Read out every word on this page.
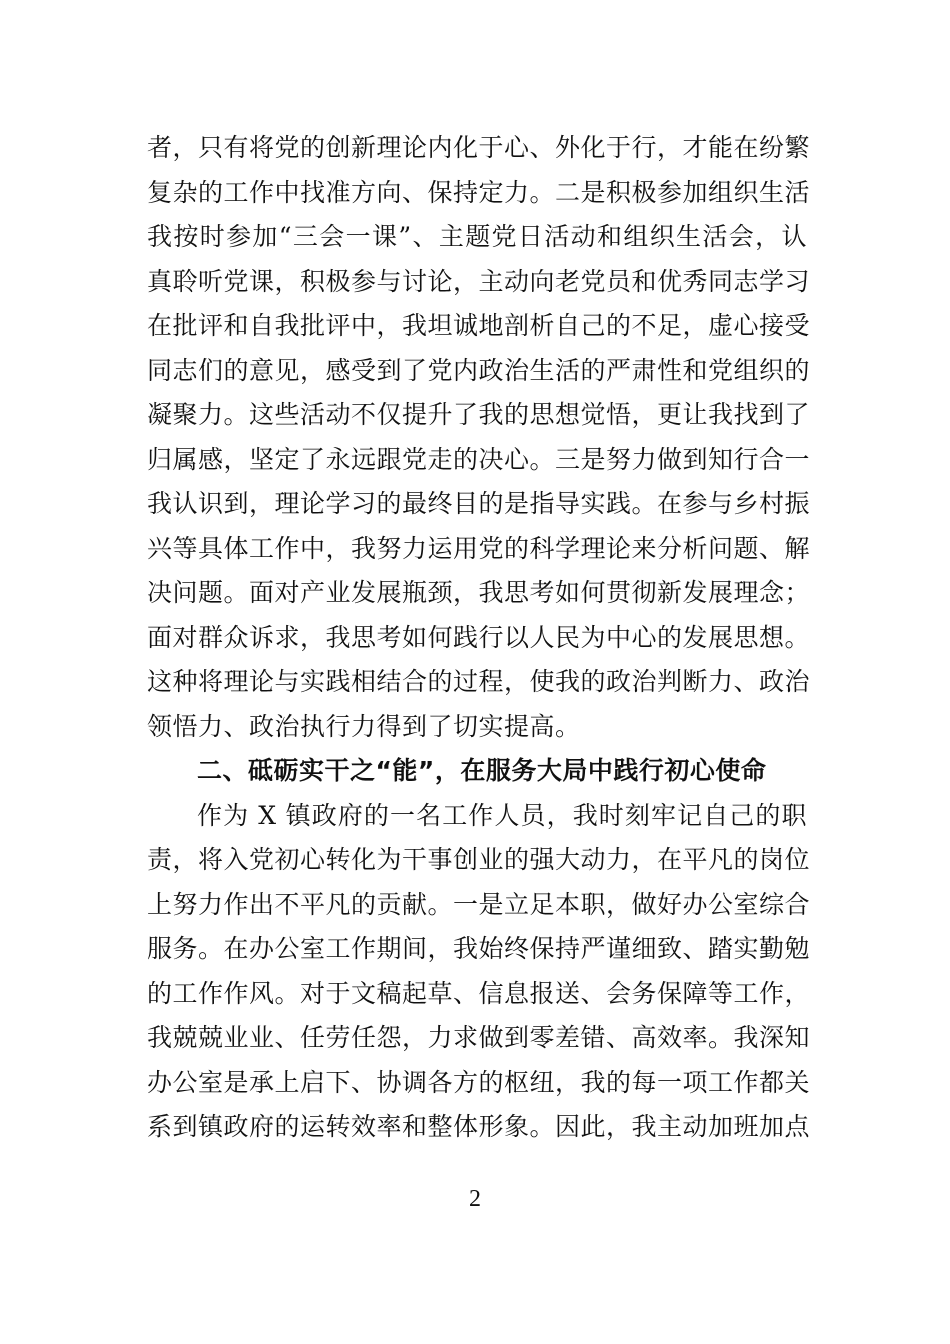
者，只有将党的创新理论内化于心、外化于行，才能在纷繁
复杂的工作中找准方向、保持定力。二是积极参加组织生活
我按时参加“三会一课”、主题党日活动和组织生活会，认
真聆听党课，积极参与讨论，主动向老党员和优秀同志学习
在批评和自我批评中，我坦诚地剖析自己的不足，虚心接受
同志们的意见，感受到了党内政治生活的严肃性和党组织的
凝聚力。这些活动不仅提升了我的思想觉悟，更让我找到了
归属感，坚定了永远跟党走的决心。三是努力做到知行合一
我认识到，理论学习的最终目的是指导实践。在参与乡村振
兴等具体工作中，我努力运用党的科学理论来分析问题、解
决问题。面对产业发展瓶颈，我思考如何贯彻新发展理念；
面对群众诉求，我思考如何践行以人民为中心的发展思想。
这种将理论与实践相结合的过程，使我的政治判断力、政治
领悟力、政治执行力得到了切实提高。
二、砥砺实干之“能”，在服务大局中践行初心使命
作为 X 镇政府的一名工作人员，我时刻牢记自己的职
责，将入党初心转化为干事创业的强大动力，在平凡的岗位
上努力作出不平凡的贡献。一是立足本职，做好办公室综合
服务。在办公室工作期间，我始终保持严谨细致、踏实勤勉
的工作作风。对于文稿起草、信息报送、会务保障等工作，
我兢兢业业、任劳任怨，力求做到零差错、高效率。我深知
办公室是承上启下、协调各方的枢纽，我的每一项工作都关
系到镇政府的运转效率和整体形象。因此，我主动加班加点
2
